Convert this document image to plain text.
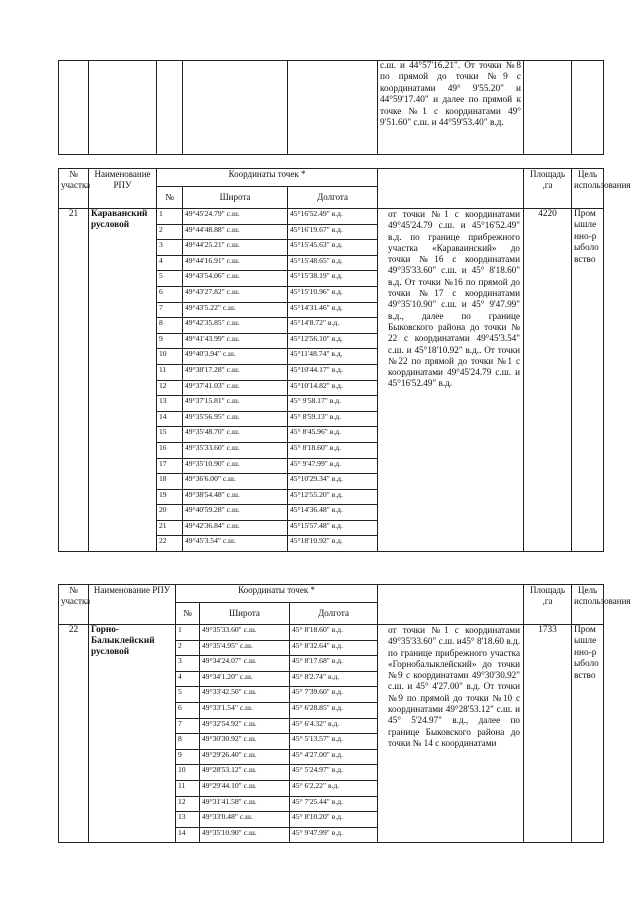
					с.ш. и 44°57'16.21". От точки №8 по прямой до точки №9 с координатами 49° 9'55.20" и 44°59'17.40" и далее по прямой к точке №1 с координатами 49° 9'51.60" с.ш. и 44°59'53.40" в.д.		
№ участка	Наименование РПУ	Координаты точек *				Площадь ,га	Цель использования
		№	Широта	Долгота			
21	Караванский русловой	1	49°45'24.79" с.ш.	45°16'52.49" в.д.	от точки №1 с координатами 49°45'24.79 с.ш. и 45°16'52.49" в.д. по границе прибрежного участка «Караваинский» до точки №16 с координатами 49°35'33.60" с.ш. и 45° 8'18.60" в.д. От точки №16 по прямой до точки №17 с координатами 49°35'10.90" с.ш. и 45° 9'47.99" в.д., далее по границе Быковского района до точки № 22 с координатами 49°45'3.54" с.ш. и 45°18'10.92" в.д.. От точки №22 по прямой до точки №1 с координатами 49°45'24.79 с.ш. и 45°16'52.49" в.д.	4220	Промышленно-рыболовство
		2	49°44'48.88" с.ш.	45°16'19.67" в.д.			
		3	49°44'25.21" с.ш.	45°15'45.63" в.д.			
		4	49°44'16.91" с.ш.	45°15'48.65" в.д.			
		5	49°43'54.06" с.ш.	45°15'38.19" в.д.			
		6	49°43'27.82" с.ш.	45°15'10.96" в.д.			
		7	49°43'5.22" с.ш.	45°14'31.46" в.д.			
		8	49°42'35.85" с.ш.	45°14'8.72" в.д.			
		9	49°41'43.99" с.ш.	45°12'56.10" в.д.			
		10	49°40'3.94" с.ш.	45°11'48.74" в.д.			
		11	49°38'17.28" с.ш.	45°10'44.17" в.д.			
		12	49°37'41.03" с.ш.	45°10'14.82" в.д.			
		13	49°37'15.81" с.ш.	45° 9'58.17" в.д.			
		14	49°35'56.95" с.ш.	45° 8'59.13" в.д.			
		15	49°35'48.70" с.ш.	45° 8'45.96" в.д.			
		16	49°35'33.60" с.ш.	45° 8'18.60" в.д.			
		17	49°35'10.90" с.ш.	45° 9'47.99" в.д.			
		18	49°36'6.00" с.ш.	45°10'29.34" в.д.			
		19	49°38'54.48" с.ш.	45°12'55.20" в.д.			
		20	49°40'59.28" с.ш.	45°14'36.48" в.д.			
		21	49°42'36.84" с.ш.	45°15'57.48" в.д.			
		22	49°45'3.54" с.ш.	45°18'10.92" в.д.			
№ участка	Наименование РПУ	Координаты точек *				Площадь ,га	Цель использования
		№	Широта	Долгота			
22	Горно-Балыклейский русловой	1	49°35'33.60" с.ш.	45° 8'18.60" в.д.	от точки №1 с координатами 49°35'33.60" с.ш. и45° 8'18.60 в.д. по границе прибрежного участка «Горнобалыклейский» до точки №9 с координатами 49°30'30.92" с.ш. и 45° 4'27.00" в.д. От точки №9 по прямой до точки №10 с координатами 49°28'53.12" с.ш. и 45° 5'24.97" в.д., далее по границе Быковского района до точки № 14 с координатами	1733	Промышленно-рыболовство
		2	49°35'4.95" с.ш.	45° 8'32.64" в.д.			
		3	49°34'24.07" с.ш.	45° 8'17.68" в.д.			
		4	49°34'1.20" с.ш.	45° 8'2.74" в.д.			
		5	49°33'42.50" с.ш.	45° 7'39.60" в.д.			
		6	49°33'1.54" с.ш.	45° 6'28.85" в.д.			
		7	49°32'54.92" с.ш.	45° 6'4.32" в.д.			
		8	49°30'30.92" с.ш.	45° 5'13.57" в.д.			
		9	49°29'26.40" с.ш.	45° 4'27.00" в.д.			
		10	49°28'53.12" с.ш.	45° 5'24.97" в.д.			
		11	49°29'44.10" с.ш.	45° 6'2.22" в.д.			
		12	49°31'41.58" с.ш.	45° 7'25.44" в.д.			
		13	49°33'0.48" с.ш.	45° 8'10.20" в.д.			
		14	49°35'10.90" с.ш.	45° 9'47.99" в.д.			
